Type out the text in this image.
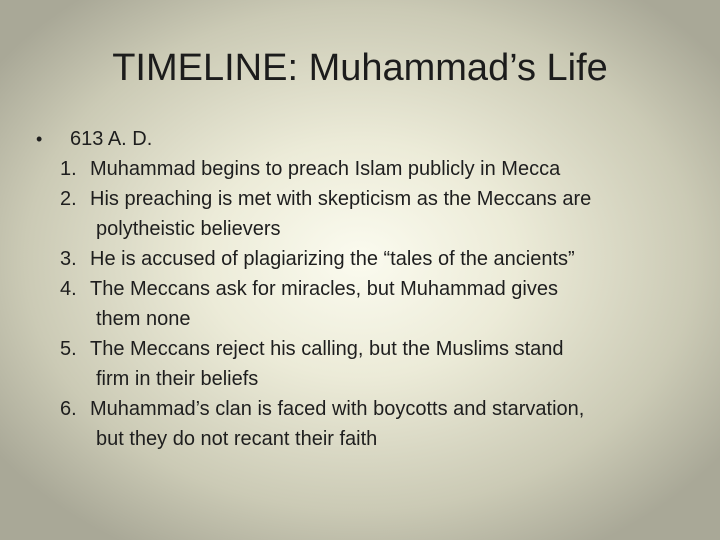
TIMELINE: Muhammad’s Life
•	613 A. D.
1. Muhammad begins to preach Islam publicly in Mecca
2. His preaching is met with skepticism as the Meccans are
polytheistic believers
3. He is accused of plagiarizing the “tales of the ancients”
4. The Meccans ask for miracles, but Muhammad gives
them none
5. The Meccans reject his calling, but the Muslims stand
firm in their beliefs
6. Muhammad’s clan is faced with boycotts and starvation,
but they do not recant their faith
